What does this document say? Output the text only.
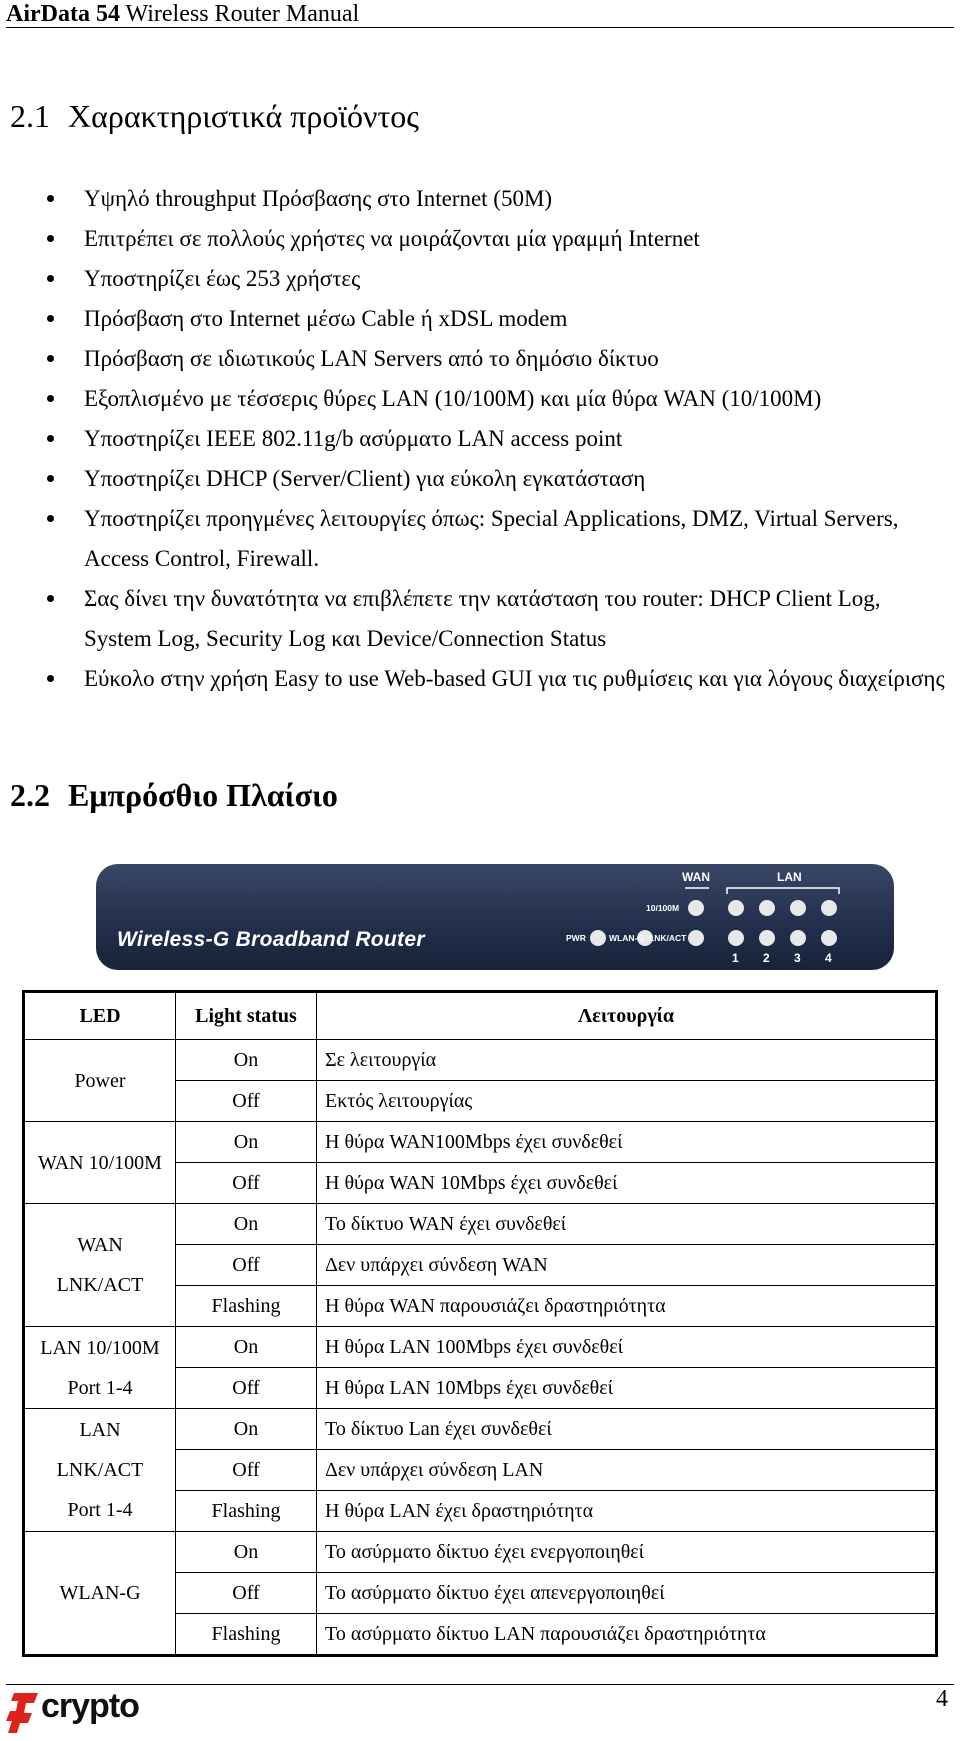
AirData 54 Wireless Router Manual
2.1 Χαρακτηριστικά προϊόντος
Υψηλό throughput Πρόσβασης στο Internet (50M)
Επιτρέπει σε πολλούς χρήστες να μοιράζονται μία γραμμή Internet
Υποστηρίζει έως 253 χρήστες
Πρόσβαση στο Internet μέσω Cable ή xDSL modem
Πρόσβαση σε ιδιωτικούς LAN Servers από το δημόσιο δίκτυο
Εξοπλισμένο με τέσσερις θύρες LAN (10/100M) και μία θύρα WAN (10/100M)
Υποστηρίζει IEEE 802.11g/b ασύρματο LAN access point
Υποστηρίζει DHCP (Server/Client) για εύκολη εγκατάσταση
Υποστηρίζει προηγμένες λειτουργίες όπως: Special Applications, DMZ, Virtual Servers, Access Control, Firewall.
Σας δίνει την δυνατότητα να επιβλέπετε την κατάσταση του router: DHCP Client Log, System Log, Security Log και Device/Connection Status
Εύκολο στην χρήση Easy to use Web-based GUI για τις ρυθμίσεις και για λόγους διαχείρισης
2.2 Εμπρόσθιο Πλαίσιο
WAN	LAN
10/100M
PWR	WLAN-G LNK/ACT
1 2 3 4
Wireless-G Broadband Router
LED	Light status	Λειτουργία

Power	On	Σε λειτουργία
	Off	Εκτός λειτουργίας

WAN 10/100M	On	Η θύρα WAN100Mbps έχει συνδεθεί
	Off	Η θύρα WAN 10Mbps έχει συνδεθεί

WAN
LNK/ACT	On	Το δίκτυο WAN έχει συνδεθεί
	Off	Δεν υπάρχει σύνδεση WAN
	Flashing	Η θύρα WAN παρουσιάζει δραστηριότητα

LAN 10/100M
Port 1-4	On	Η θύρα LAN 100Mbps έχει συνδεθεί
	Off	Η θύρα LAN 10Mbps έχει συνδεθεί

LAN
LNK/ACT
Port 1-4	On	Το δίκτυο Lan έχει συνδεθεί
	Off	Δεν υπάρχει σύνδεση LAN
	Flashing	Η θύρα LAN έχει δραστηριότητα

WLAN-G	On	Το ασύρματο δίκτυο έχει ενεργοποιηθεί
	Off	Το ασύρματο δίκτυο έχει απενεργοποιηθεί
	Flashing	Το ασύρματο δίκτυο LAN παρουσιάζει δραστηριότητα
crypto	4
